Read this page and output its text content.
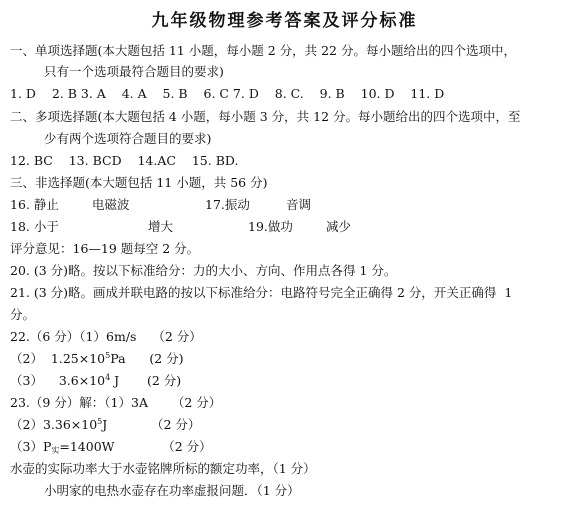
九年级物理参考答案及评分标准
一、单项选择题(本大题包括 11 小题，每小题 2 分，共 22 分。每小题给出的四个选项中，
只有一个选项最符合题目的要求)
1. D    2. B 3. A    4. A    5. B    6. C 7. D    8. C.    9. B    10. D    11. D
二、多项选择题(本大题包括 4 小题，每小题 3 分，共 12 分。每小题给出的四个选项中，至
少有两个选项符合题目的要求)
12. BC    13. BCD    14.AC    15. BD.
三、非选择题(本大题包括 11 小题，共 56 分)
16. 静止	电磁波	17.振动	音调
18. 小于	增大	19.做功	减少
评分意见：16—19 题每空 2 分。
20. (3 分)略。按以下标准给分：力的大小、方向、作用点各得 1 分。
21. (3 分)略。画成并联电路的按以下标准给分：电路符号完全正确得 2 分，开关正确得  1
分。
22.（6 分）（1）6m/s    （2 分）
（2）  $1.25\times 10^5Pa$      (2 分)
（3）    $3.6\times 10^4$ J       (2 分)
23.（9 分）解：（1）3A      （2 分）
$(2)3.36\times 10^5J$           （2 分）
$(3)P_实=1400W$            （2 分）
水壶的实际功率大于水壶铭牌所标的额定功率，（1 分）
小明家的电热水壶存在功率虚报问题．（1 分）
